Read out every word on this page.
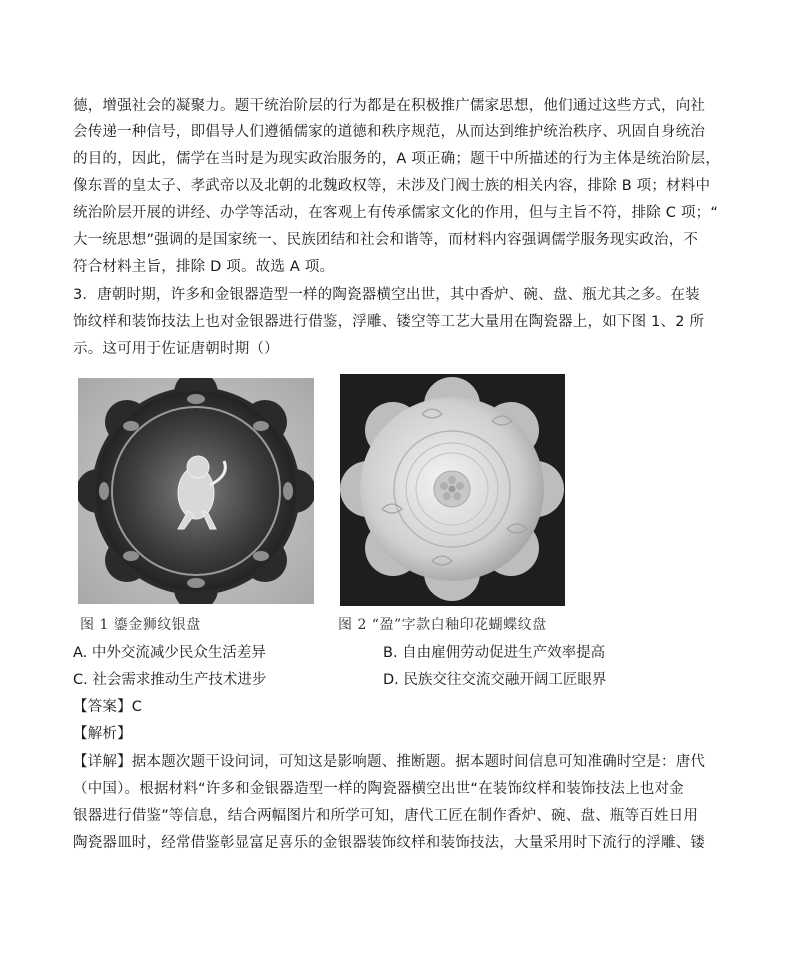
德，增强社会的凝聚力。题干统治阶层的行为都是在积极推广儒家思想，他们通过这些方式，向社
会传递一种信号，即倡导人们遵循儒家的道德和秩序规范，从而达到维护统治秩序、巩固自身统治
的目的，因此，儒学在当时是为现实政治服务的，A 项正确；题干中所描述的行为主体是统治阶层，
像东晋的皇太子、孝武帝以及北朝的北魏政权等，未涉及门阀士族的相关内容，排除 B 项；材料中
统治阶层开展的讲经、办学等活动，在客观上有传承儒家文化的作用，但与主旨不符，排除 C 项；“
大一统思想”强调的是国家统一、民族团结和社会和谐等，而材料内容强调儒学服务现实政治，不
符合材料主旨，排除 D 项。故选 A 项。
3．唐朝时期，许多和金银器造型一样的陶瓷器横空出世，其中香炉、碗、盘、瓶尤其之多。在装
饰纹样和装饰技法上也对金银器进行借鉴，浮雕、镂空等工艺大量用在陶瓷器上，如下图 1、2 所
示。这可用于佐证唐朝时期（）
图 1 鎏金狮纹银盘	图 2 “盈”字款白釉印花蝴蝶纹盘
A. 中外交流减少民众生活差异	B. 自由雇佣劳动促进生产效率提高
C. 社会需求推动生产技术进步	D. 民族交往交流交融开阔工匠眼界
【答案】C
【解析】
【详解】据本题次题干设问词，可知这是影响题、推断题。据本题时间信息可知准确时空是：唐代
（中国）。根据材料“许多和金银器造型一样的陶瓷器横空出世“在装饰纹样和装饰技法上也对金
银器进行借鉴”等信息，结合两幅图片和所学可知，唐代工匠在制作香炉、碗、盘、瓶等百姓日用
陶瓷器皿时，经常借鉴彰显富足喜乐的金银器装饰纹样和装饰技法，大量采用时下流行的浮雕、镂
